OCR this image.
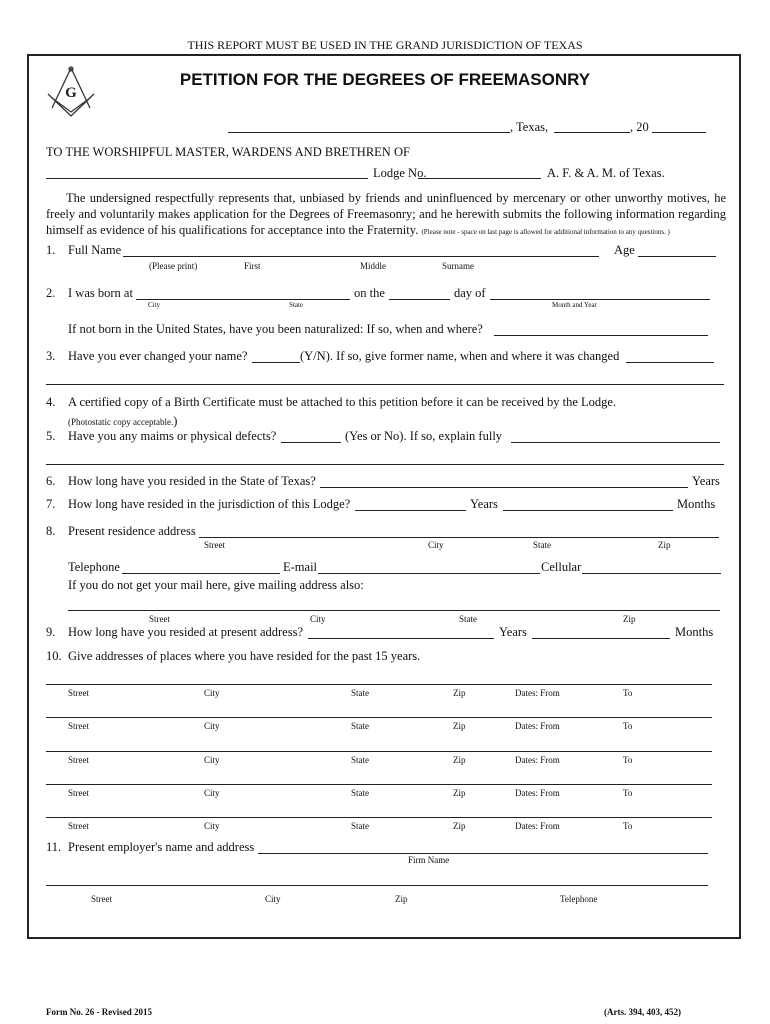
THIS REPORT MUST BE USED IN THE GRAND JURISDICTION OF TEXAS
G
PETITION FOR THE DEGREES OF FREEMASONRY
, Texas,	, 20
TO THE WORSHIPFUL MASTER, WARDENS AND BRETHREN OF
Lodge No.	A. F. & A. M. of Texas.
The undersigned respectfully represents that, unbiased by friends and uninfluenced by mercenary or other unworthy motives, he freely and voluntarily makes application for the Degrees of Freemasonry; and he herewith submits the following information regarding himself as evidence of his qualifications for acceptance into the Fraternity. (Please note - space on last page is allowed for additional information to any questions. )
1. Full Name	Age
(Please print)	First	Middle	Surname
2. I was born at	on the	day of
City	State	Month and Year
If not born in the United States, have you been naturalized: If so, when and where?
3. Have you ever changed your name?	(Y/N). If so, give former name, when and where it was changed
4. A certified copy of a Birth Certificate must be attached to this petition before it can be received by the Lodge.
(Photostatic copy acceptable.)
5. Have you any maims or physical defects?	(Yes or No). If so, explain fully
6. How long have you resided in the State of Texas?	Years
7. How long have resided in the jurisdiction of this Lodge?	Years	Months
8. Present residence address
Street	City	State	Zip
Telephone	E-mail	Cellular
If you do not get your mail here, give mailing address also:
Street	City	State	Zip
9. How long have you resided at present address?	Years	Months
10. Give addresses of places where you have resided for the past 15 years.
Street	City	State	Zip	Dates: From	To
Street	City	State	Zip	Dates: From	To
Street	City	State	Zip	Dates: From	To
Street	City	State	Zip	Dates: From	To
Street	City	State	Zip	Dates: From	To
11. Present employer's name and address
Firm Name
Street	City	Zip	Telephone
Form No. 26 - Revised 2015	(Arts. 394, 403, 452)
